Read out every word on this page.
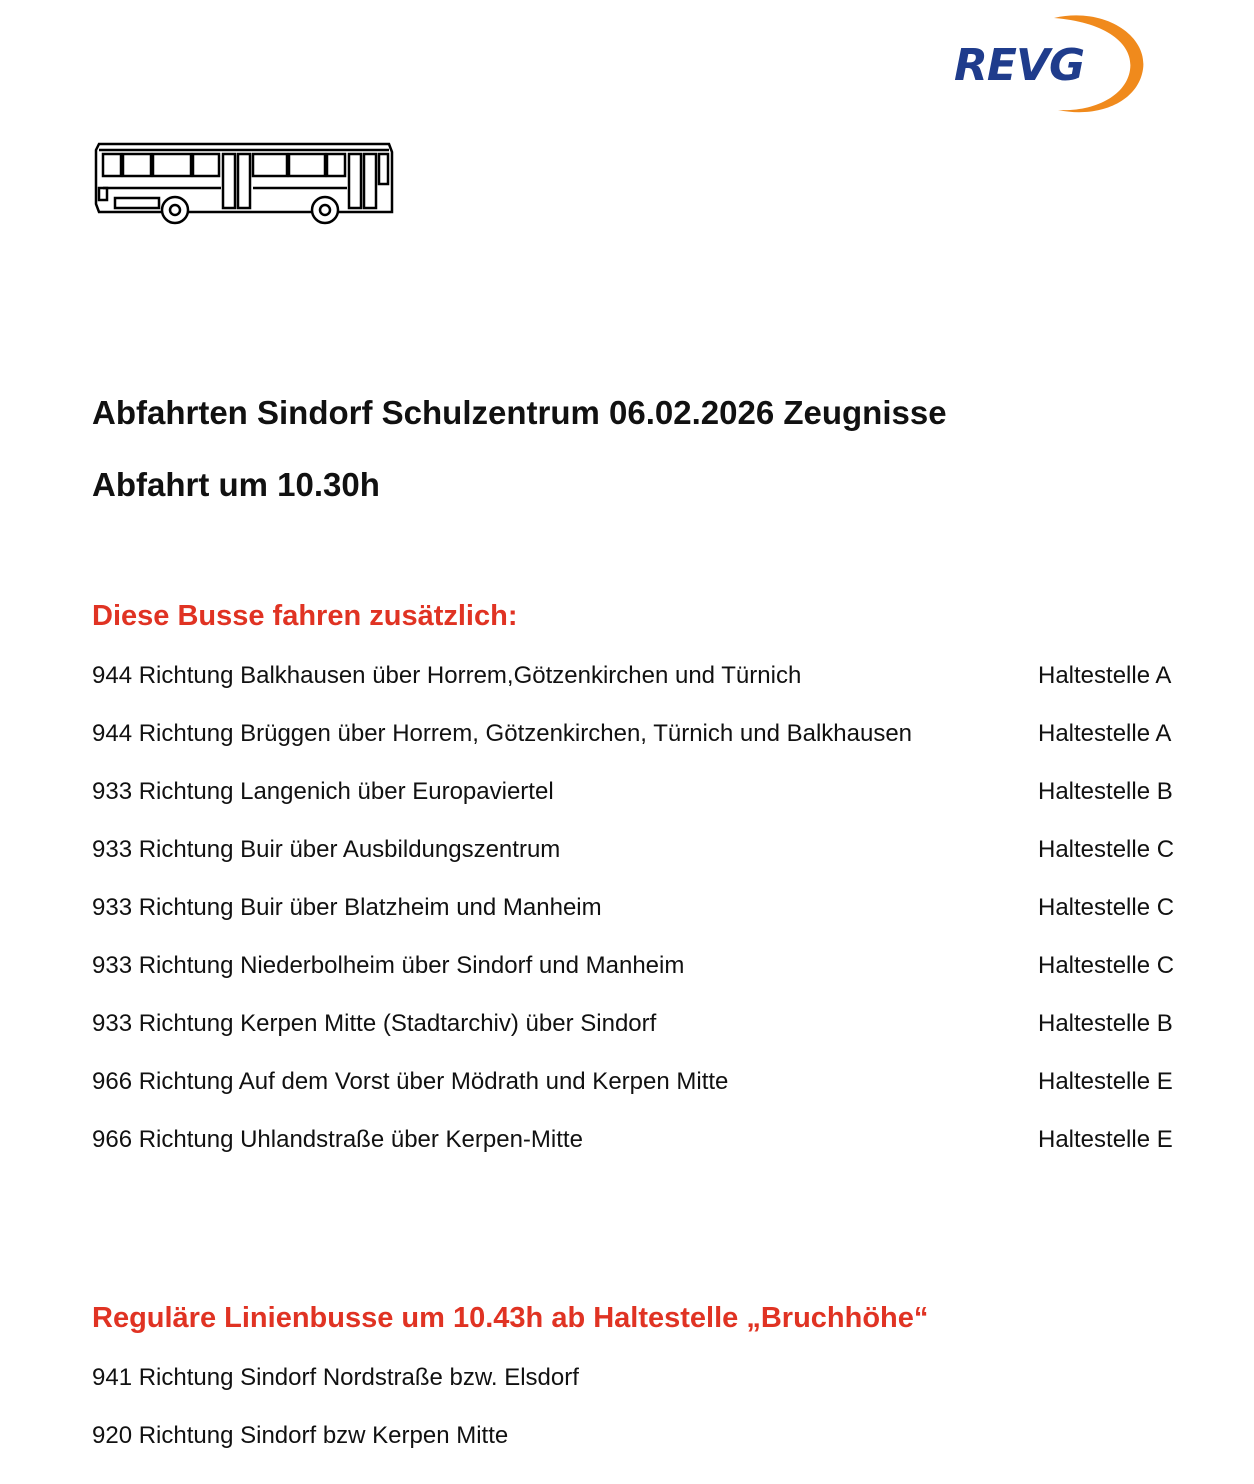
REVG
Abfahrten Sindorf Schulzentrum 06.02.2026 Zeugnisse
Abfahrt um 10.30h
Diese Busse fahren zusätzlich:
944 Richtung Balkhausen über Horrem,Götzenkirchen und Türnich	Haltestelle A
944 Richtung Brüggen über Horrem, Götzenkirchen, Türnich und Balkhausen	Haltestelle A
933 Richtung Langenich über Europaviertel	Haltestelle B
933 Richtung Buir über Ausbildungszentrum	Haltestelle C
933 Richtung Buir über Blatzheim und Manheim	Haltestelle C
933 Richtung Niederbolheim über Sindorf und Manheim	Haltestelle C
933 Richtung Kerpen Mitte (Stadtarchiv) über Sindorf	Haltestelle B
966 Richtung Auf dem Vorst über Mödrath und Kerpen Mitte	Haltestelle E
966 Richtung Uhlandstraße über Kerpen-Mitte	Haltestelle E
Reguläre Linienbusse um 10.43h ab Haltestelle „Bruchhöhe“
941 Richtung Sindorf Nordstraße bzw. Elsdorf
920 Richtung Sindorf bzw Kerpen Mitte
